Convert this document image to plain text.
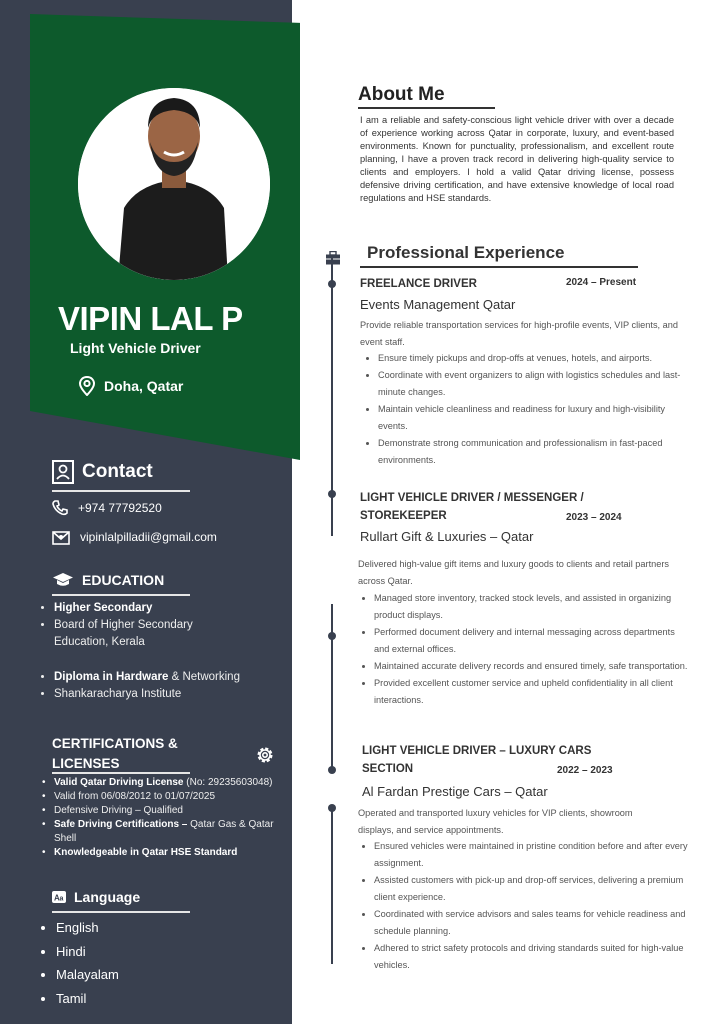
VIPIN LAL P
Light Vehicle Driver
Doha, Qatar
Contact
+974 77792520
vipinlalpilladii@gmail.com
EDUCATION
• Higher Secondary
• Board of Higher Secondary Education, Kerala
• Diploma in Hardware & Networking
• Shankaracharya Institute
CERTIFICATIONS & LICENSES
• Valid Qatar Driving License (No: 29235603048)
• Valid from 06/08/2012 to 01/07/2025
• Defensive Driving – Qualified
• Safe Driving Certifications – Qatar Gas & Qatar Shell
• Knowledgeable in Qatar HSE Standard
A a Language
• English
• Hindi
• Malayalam
• Tamil
About Me

I am a reliable and safety-conscious light vehicle driver with over a decade of experience working across Qatar in corporate, luxury, and event-based environments. Known for punctuality, professionalism, and excellent route planning, I have a proven track record in delivering high-quality service to clients and employers. I hold a valid Qatar driving license, possess defensive driving certification, and have extensive knowledge of local road regulations and HSE standards.

Professional Experience
FREELANCE DRIVER	2024 – Present
Events Management Qatar

Provide reliable transportation services for high-profile events, VIP clients, and event staff.

• Ensure timely pickups and drop-offs at venues, hotels, and airports.
• Coordinate with event organizers to align with logistics schedules and last-minute changes.
• Maintain vehicle cleanliness and readiness for luxury and high-visibility events.
• Demonstrate strong communication and professionalism in fast-paced environments.
LIGHT VEHICLE DRIVER / MESSENGER /
STOREKEEPER	2023 – 2024
Rullart Gift & Luxuries – Qatar

Delivered high-value gift items and luxury goods to clients and retail partners across Qatar.

• Managed store inventory, tracked stock levels, and assisted in organizing product displays.
• Performed document delivery and internal messaging across departments and external offices.
• Maintained accurate delivery records and ensured timely, safe transportation.
• Provided excellent customer service and upheld confidentiality in all client interactions.
LIGHT VEHICLE DRIVER – LUXURY CARS
SECTION	2022 – 2023
Al Fardan Prestige Cars – Qatar

Operated and transported luxury vehicles for VIP clients, showroom displays, and service appointments.

• Ensured vehicles were maintained in pristine condition before and after every assignment.
• Assisted customers with pick-up and drop-off services, delivering a premium client experience.
• Coordinated with service advisors and sales teams for vehicle readiness and schedule planning.
• Adhered to strict safety protocols and driving standards suited for high-value vehicles.
